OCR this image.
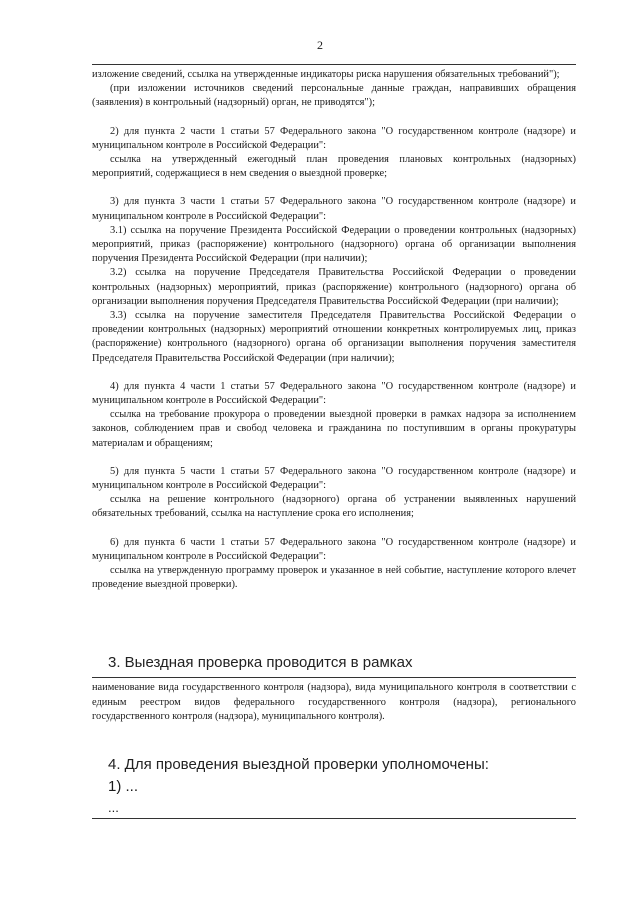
2

изложение сведений, ссылка на утвержденные индикаторы риска нарушения обязательных требований");

(при изложении источников сведений персональные данные граждан, направивших обращения (заявления) в контрольный (надзорный) орган, не приводятся");

2) для пункта 2 части 1 статьи 57 Федерального закона "О государственном контроле (надзоре) и муниципальном контроле в Российской Федерации":

ссылка на утвержденный ежегодный план проведения плановых контрольных (надзорных) мероприятий, содержащиеся в нем сведения о выездной проверке;

3) для пункта 3 части 1 статьи 57 Федерального закона "О государственном контроле (надзоре) и муниципальном контроле в Российской Федерации":

3.1) ссылка на поручение Президента Российской Федерации о проведении контрольных (надзорных) мероприятий, приказ (распоряжение) контрольного (надзорного) органа об организации выполнения поручения Президента Российской Федерации (при наличии);

3.2) ссылка на поручение Председателя Правительства Российской Федерации о проведении контрольных (надзорных) мероприятий, приказ (распоряжение) контрольного (надзорного) органа об организации выполнения поручения Председателя Правительства Российской Федерации (при наличии);

3.3) ссылка на поручение заместителя Председателя Правительства Российской Федерации о проведении контрольных (надзорных) мероприятий отношении конкретных контролируемых лиц, приказ (распоряжение) контрольного (надзорного) органа об организации выполнения поручения заместителя Председателя Правительства Российской Федерации (при наличии);

4) для пункта 4 части 1 статьи 57 Федерального закона "О государственном контроле (надзоре) и муниципальном контроле в Российской Федерации":

ссылка на требование прокурора о проведении выездной проверки в рамках надзора за исполнением законов, соблюдением прав и свобод человека и гражданина по поступившим в органы прокуратуры материалам и обращениям;

5) для пункта 5 части 1 статьи 57 Федерального закона "О государственном контроле (надзоре) и муниципальном контроле в Российской Федерации":

ссылка на решение контрольного (надзорного) органа об устранении выявленных нарушений обязательных требований, ссылка на наступление срока его исполнения;

6) для пункта 6 части 1 статьи 57 Федерального закона "О государственном контроле (надзоре) и муниципальном контроле в Российской Федерации":

ссылка на утвержденную программу проверок и указанное в ней событие, наступление которого влечет проведение выездной проверки).

3. Выездная проверка проводится в рамках
наименование вида государственного контроля (надзора), вида муниципального контроля в соответствии с единым реестром видов федерального государственного контроля (надзора), регионального государственного контроля (надзора), муниципального контроля).
4. Для проведения выездной проверки уполномочены:
1) ...
...
